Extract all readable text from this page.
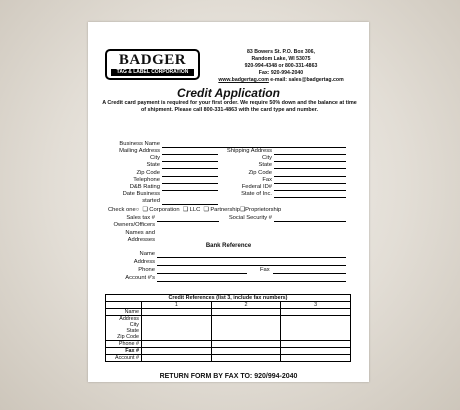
BADGER
TAG & LABEL CORPORATION
83 Bowers St. P.O. Box 306,
Random Lake, WI 53075
920-994-4348 or 800-331-4863
Fax: 920-994-2040
www.badgertag.com e-mail: sales@badgertag.com
Credit Application
A Credit card payment is required for your first order. We require 50% down and the balance at time of shipment. Please call 800-331-4863 with the card type and number.
Business Name
Mailing Address
City
State
Zip Code
Telephone
D&B Rating
Date Business
started
Shipping Address
City
State
Zip Code
Fax
Federal ID#
State of Inc.
Check one○  ❑ Corporation  ❑ LLC  ❑ Partnership❑Proprietorship
Sales tax #	Social Security #
Owners/Officers
Names and
Addresses
Bank Reference
Name
Address
Phone	Fax
Account #'s
Credit References (list 3, include fax numbers)			
	1	2	3
Name			
Address			
City			
State			
Zip Code			
Phone #			
Fax #			
Account #			
RETURN FORM BY FAX TO: 920/994-2040
